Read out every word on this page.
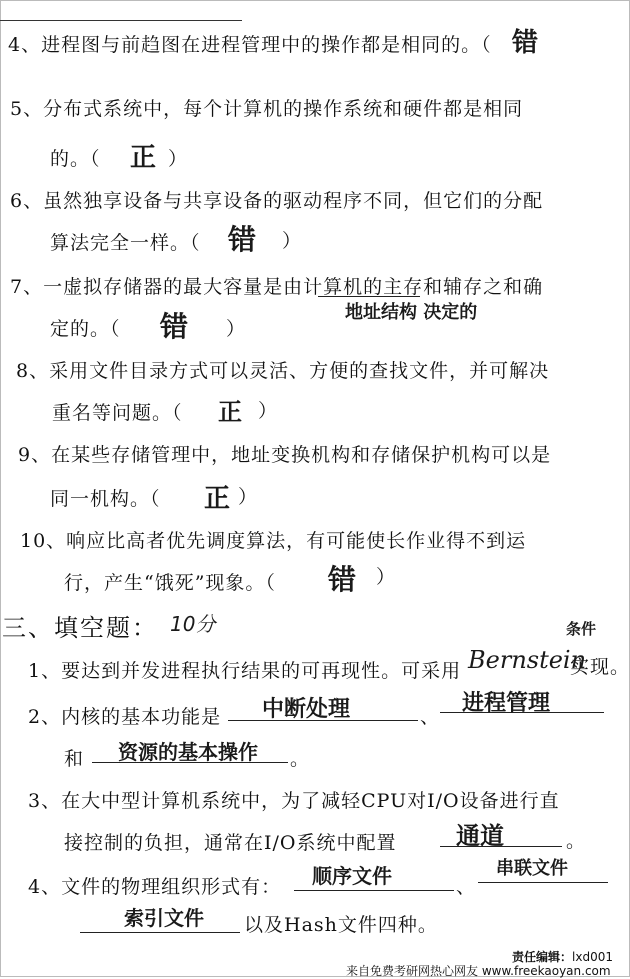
4、进程图与前趋图在进程管理中的操作都是相同的。（ 错
5、分布式系统中，每个计算机的操作系统和硬件都是相同
的。（ 正 ）
6、虽然独享设备与共享设备的驱动程序不同，但它们的分配
算法完全一样。（ 错 ）
7、一虚拟存储器的最大容量是由计算机的主存和辅存之和确
定的。（ 错 ）
地址结构 决定的
8、采用文件目录方式可以灵活、方便的查找文件，并可解决
重名等问题。（ 正 ）
9、在某些存储管理中，地址变换机构和存储保护机构可以是
同一机构。（ 正 ）
10、响应比高者优先调度算法，有可能使长作业得不到运
行，产生“饿死”现象。（ 错 ）
三、填空题： 10分
1、要达到并发进程执行结果的可再现性。可采用 Bernstein
条件
实现。
2、内核的基本功能是 中断处理	、
进程管理
和 资源的基本操作 。
3、在大中型计算机系统中，为了减轻CPU对I/O设备进行直
接控制的负担，通常在I/O系统中配置 通道	。
4、文件的物理组织形式有： 顺序文件	、
串联文件
索引文件 以及Hash文件四种。
责任编辑：lxd001
来自免费考研网热心网友 www.freekaoyan.com
